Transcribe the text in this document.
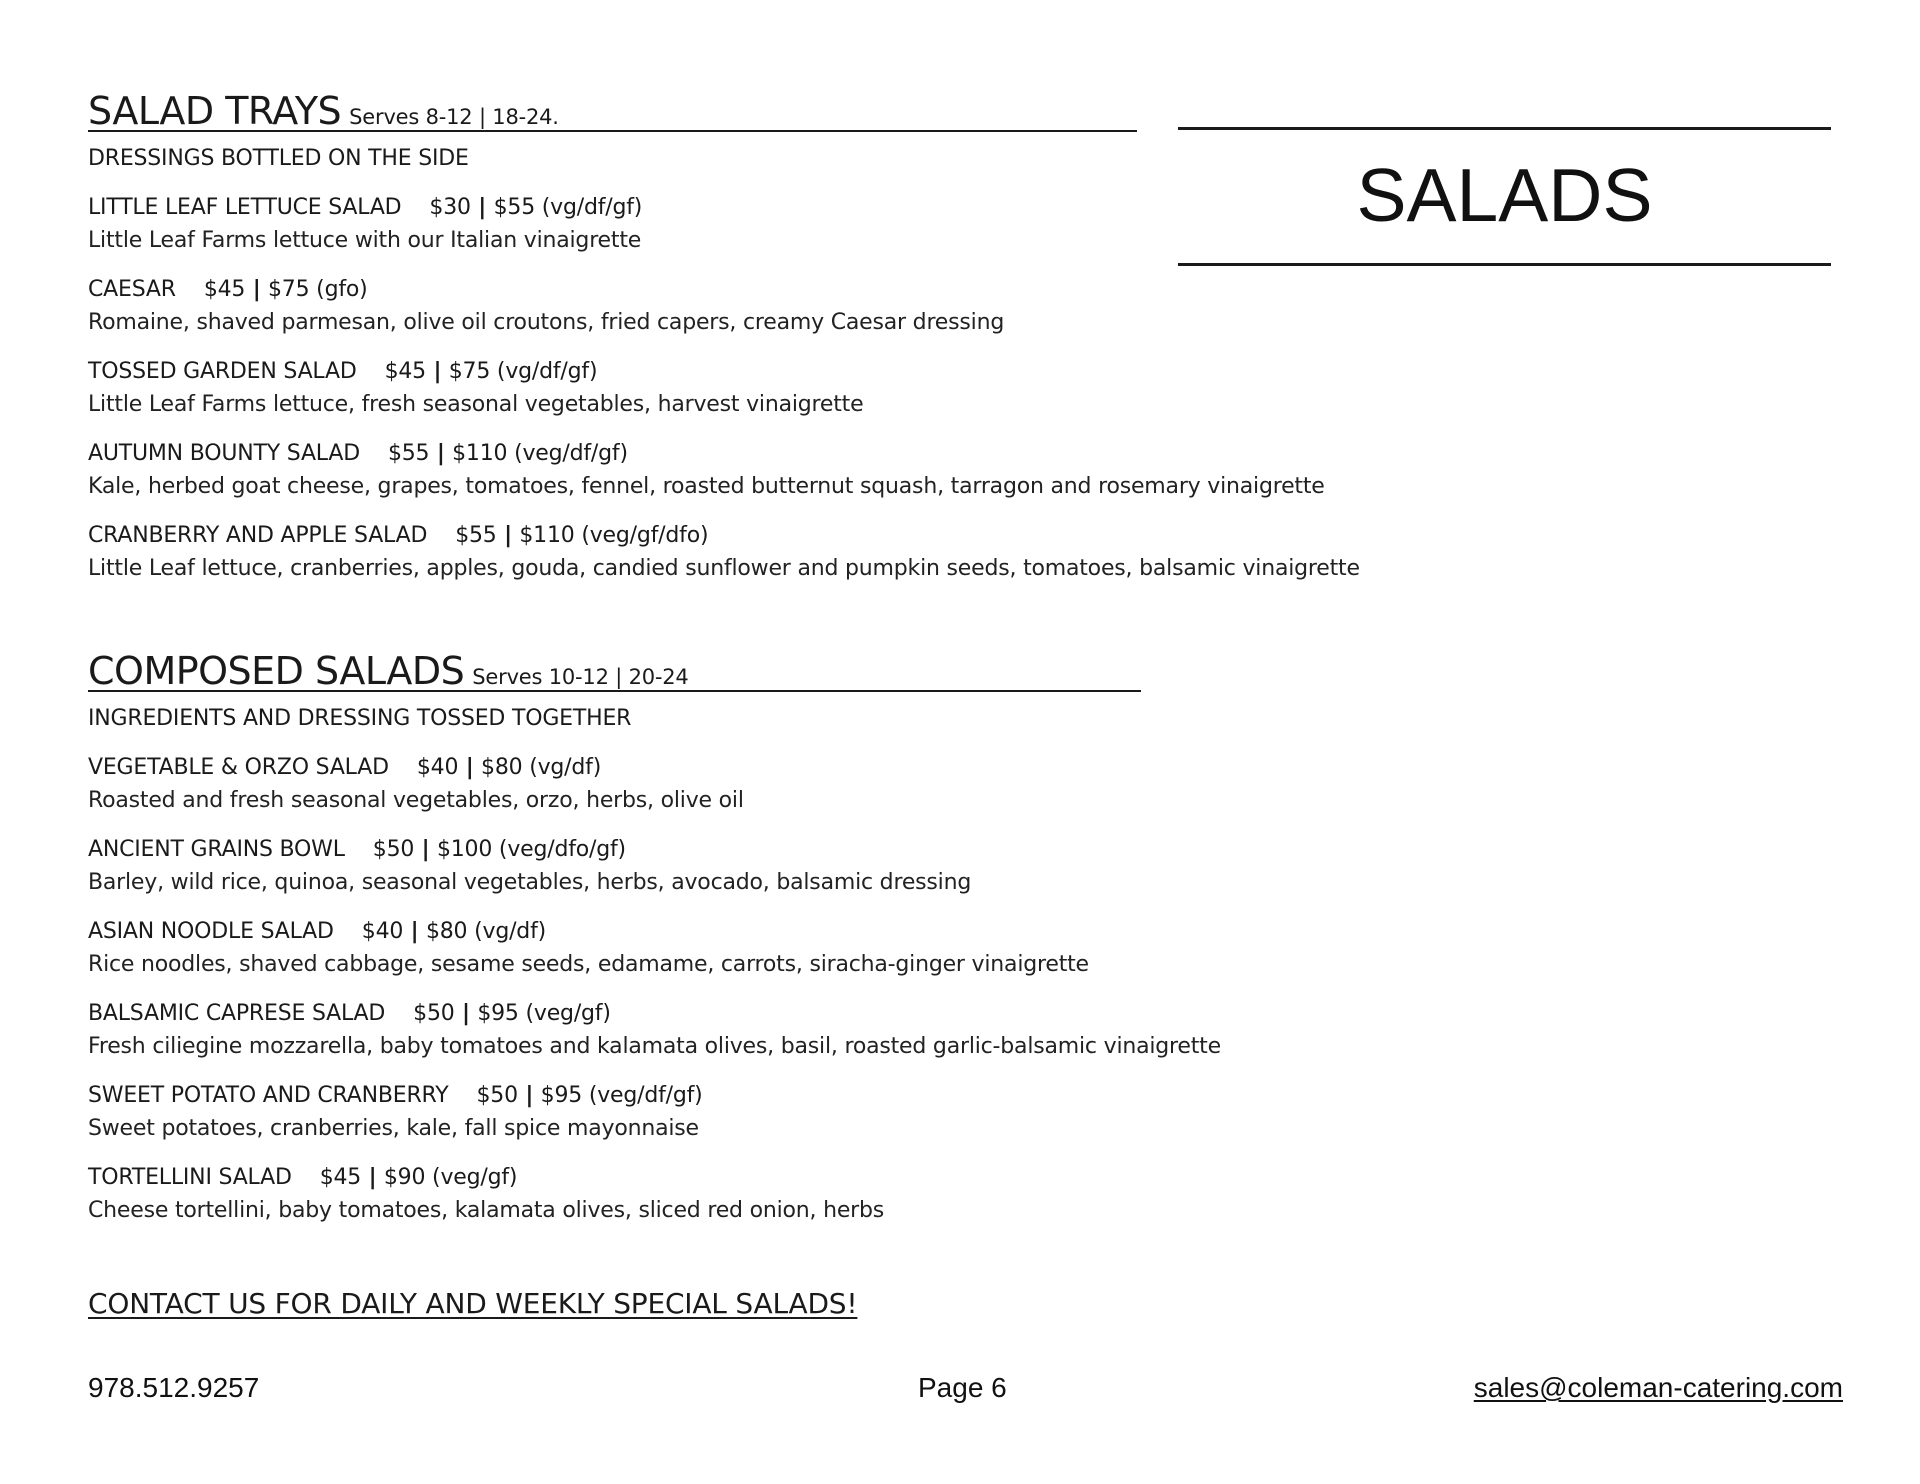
SALADS
SALAD TRAYS Serves 8-12 | 18-24.
DRESSINGS BOTTLED ON THE SIDE
LITTLE LEAF LETTUCE SALAD $30 | $55 (vg/df/gf)
Little Leaf Farms lettuce with our Italian vinaigrette
CAESAR $45 | $75 (gfo)
Romaine, shaved parmesan, olive oil croutons, fried capers, creamy Caesar dressing
TOSSED GARDEN SALAD $45 | $75 (vg/df/gf)
Little Leaf Farms lettuce, fresh seasonal vegetables, harvest vinaigrette
AUTUMN BOUNTY SALAD $55 | $110 (veg/df/gf)
Kale, herbed goat cheese, grapes, tomatoes, fennel, roasted butternut squash, tarragon and rosemary vinaigrette
CRANBERRY AND APPLE SALAD $55 | $110 (veg/gf/dfo)
Little Leaf lettuce, cranberries, apples, gouda, candied sunflower and pumpkin seeds, tomatoes, balsamic vinaigrette
COMPOSED SALADS Serves 10-12 | 20-24
INGREDIENTS AND DRESSING TOSSED TOGETHER
VEGETABLE & ORZO SALAD $40 | $80 (vg/df)
Roasted and fresh seasonal vegetables, orzo, herbs, olive oil
ANCIENT GRAINS BOWL $50 | $100 (veg/dfo/gf)
Barley, wild rice, quinoa, seasonal vegetables, herbs, avocado, balsamic dressing
ASIAN NOODLE SALAD $40 | $80 (vg/df)
Rice noodles, shaved cabbage, sesame seeds, edamame, carrots, siracha-ginger vinaigrette
BALSAMIC CAPRESE SALAD $50 | $95 (veg/gf)
Fresh ciliegine mozzarella, baby tomatoes and kalamata olives, basil, roasted garlic-balsamic vinaigrette
SWEET POTATO AND CRANBERRY $50 | $95 (veg/df/gf)
Sweet potatoes, cranberries, kale, fall spice mayonnaise
TORTELLINI SALAD $45 | $90 (veg/gf)
Cheese tortellini, baby tomatoes, kalamata olives, sliced red onion, herbs
CONTACT US FOR DAILY AND WEEKLY SPECIAL SALADS!
978.512.9257	Page 6	sales@coleman-catering.com
